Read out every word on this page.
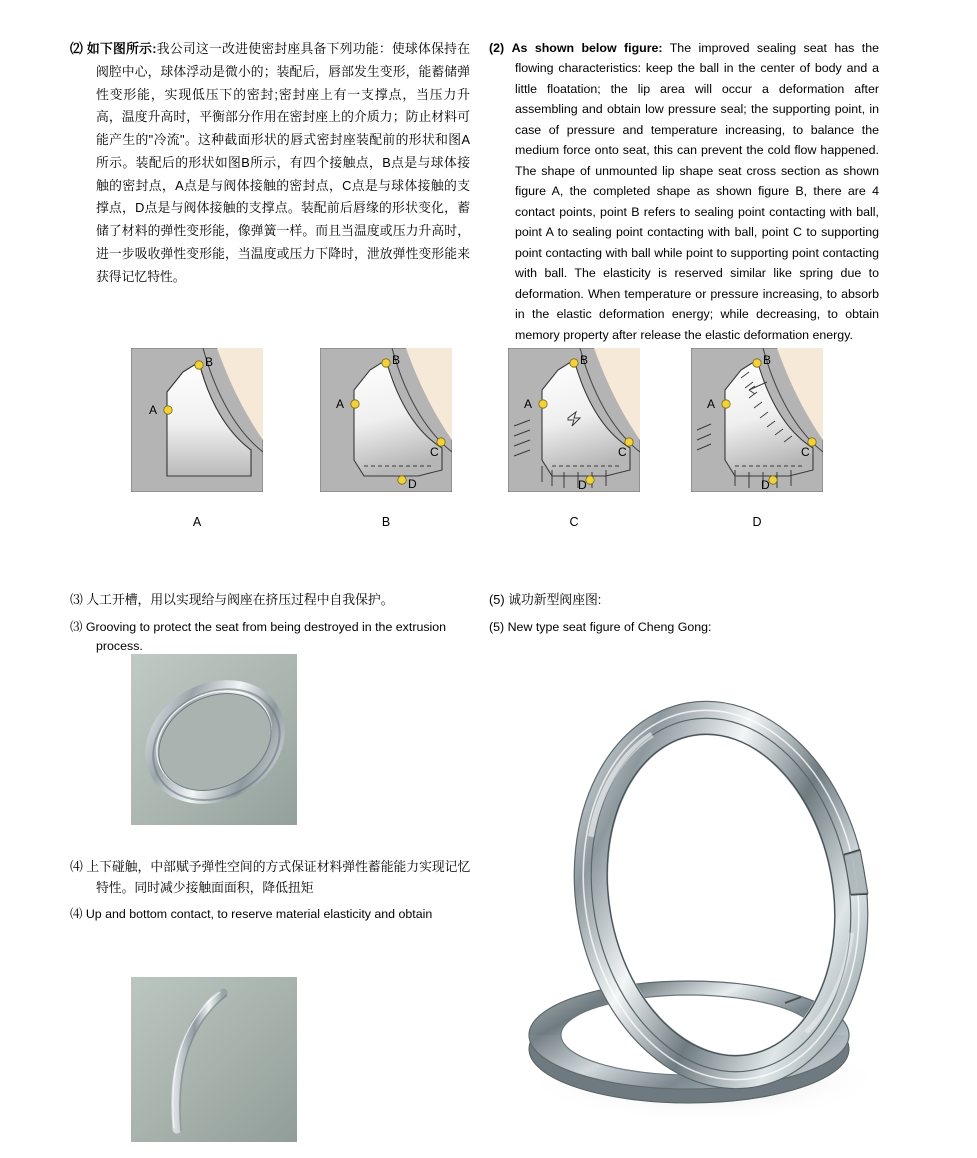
⑵ 如下图所示:我公司这一改进使密封座具备下列功能：使球体保持在阀腔中心，球体浮动是微小的；装配后，唇部发生变形，能蓄储弹性变形能，实现低压下的密封;密封座上有一支撑点，当压力升高，温度升高时，平衡部分作用在密封座上的介质力；防止材料可能产生的"冷流"。这种截面形状的唇式密封座装配前的形状和图A所示。装配后的形状如图B所示，有四个接触点，B点是与球体接触的密封点，A点是与阀体接触的密封点，C点是与球体接触的支撑点，D点是与阀体接触的支撑点。装配前后唇缘的形状变化，蓄储了材料的弹性变形能，像弹簧一样。而且当温度或压力升高时，进一步吸收弹性变形能，当温度或压力下降时，泄放弹性变形能来获得记忆特性。
(2) As shown below figure: The improved sealing seat has the flowing characteristics: keep the ball in the center of body and a little floatation; the lip area will occur a deformation after assembling and obtain low pressure seal; the supporting point, in case of pressure and temperature increasing, to balance the medium force onto seat, this can prevent the cold flow happened. The shape of unmounted lip shape seat cross section as shown figure A, the completed shape as shown figure B, there are 4 contact points, point B refers to sealing point contacting with ball, point A to sealing point contacting with ball, point C to supporting point contacting with ball while point to supporting point contacting with ball. The elasticity is reserved similar like spring due to deformation. When temperature or pressure increasing, to absorb in the elastic deformation energy; while decreasing, to obtain memory property after release the elastic deformation energy.
B
A
B
A
C
D
B
A
C
D
B
A
C
D
A	B	C	D
⑶ 人工开槽，用以实现给与阀座在挤压过程中自我保护。
⑶ Grooving to protect the seat from being destroyed in the extrusion process.
(5) 诚功新型阀座图:
(5) New type seat figure of Cheng Gong:
⑷ 上下碰触，中部赋予弹性空间的方式保证材料弹性蓄能能力实现记忆特性。同时减少接触面面积，降低扭矩
⑷ Up and bottom contact, to reserve material elasticity and obtain
